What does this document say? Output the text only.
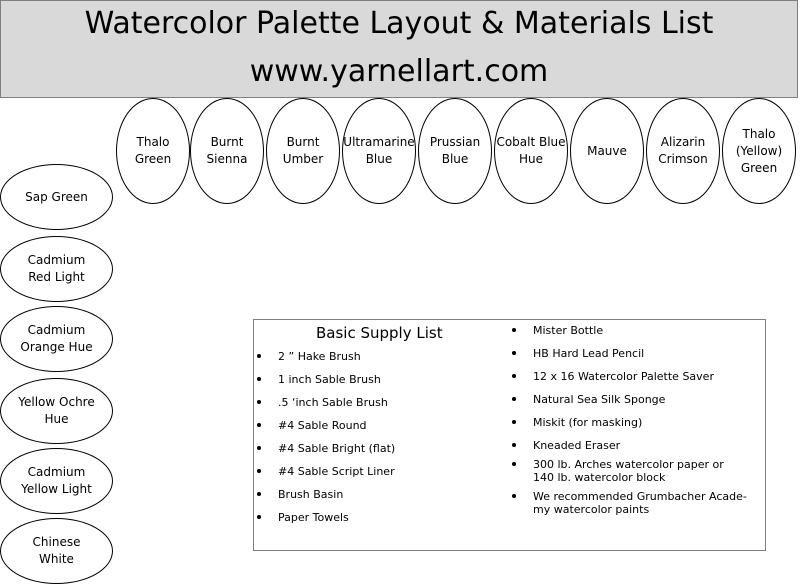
Watercolor Palette Layout & Materials List
www.yarnellart.com
Thalo
Green
Burnt
Sienna
Burnt
Umber
Ultramarine
Blue
Prussian
Blue
Cobalt Blue
Hue
Mauve
Alizarin
Crimson
Thalo
(Yellow)
Green
Sap Green
Cadmium
Red Light
Cadmium
Orange Hue
Yellow Ochre
Hue
Cadmium
Yellow Light
Chinese
White
Basic Supply List
2 ” Hake Brush
1 inch Sable Brush
.5 ‘inch Sable Brush
#4 Sable Round
#4 Sable Bright (flat)
#4 Sable Script Liner
Brush Basin
Paper Towels
Mister Bottle
HB Hard Lead Pencil
12 x 16 Watercolor Palette Saver
Natural Sea Silk Sponge
Miskit (for masking)
Kneaded Eraser
300 lb. Arches watercolor paper or
140 lb. watercolor block
We recommended Grumbacher Acade-
my watercolor paints
